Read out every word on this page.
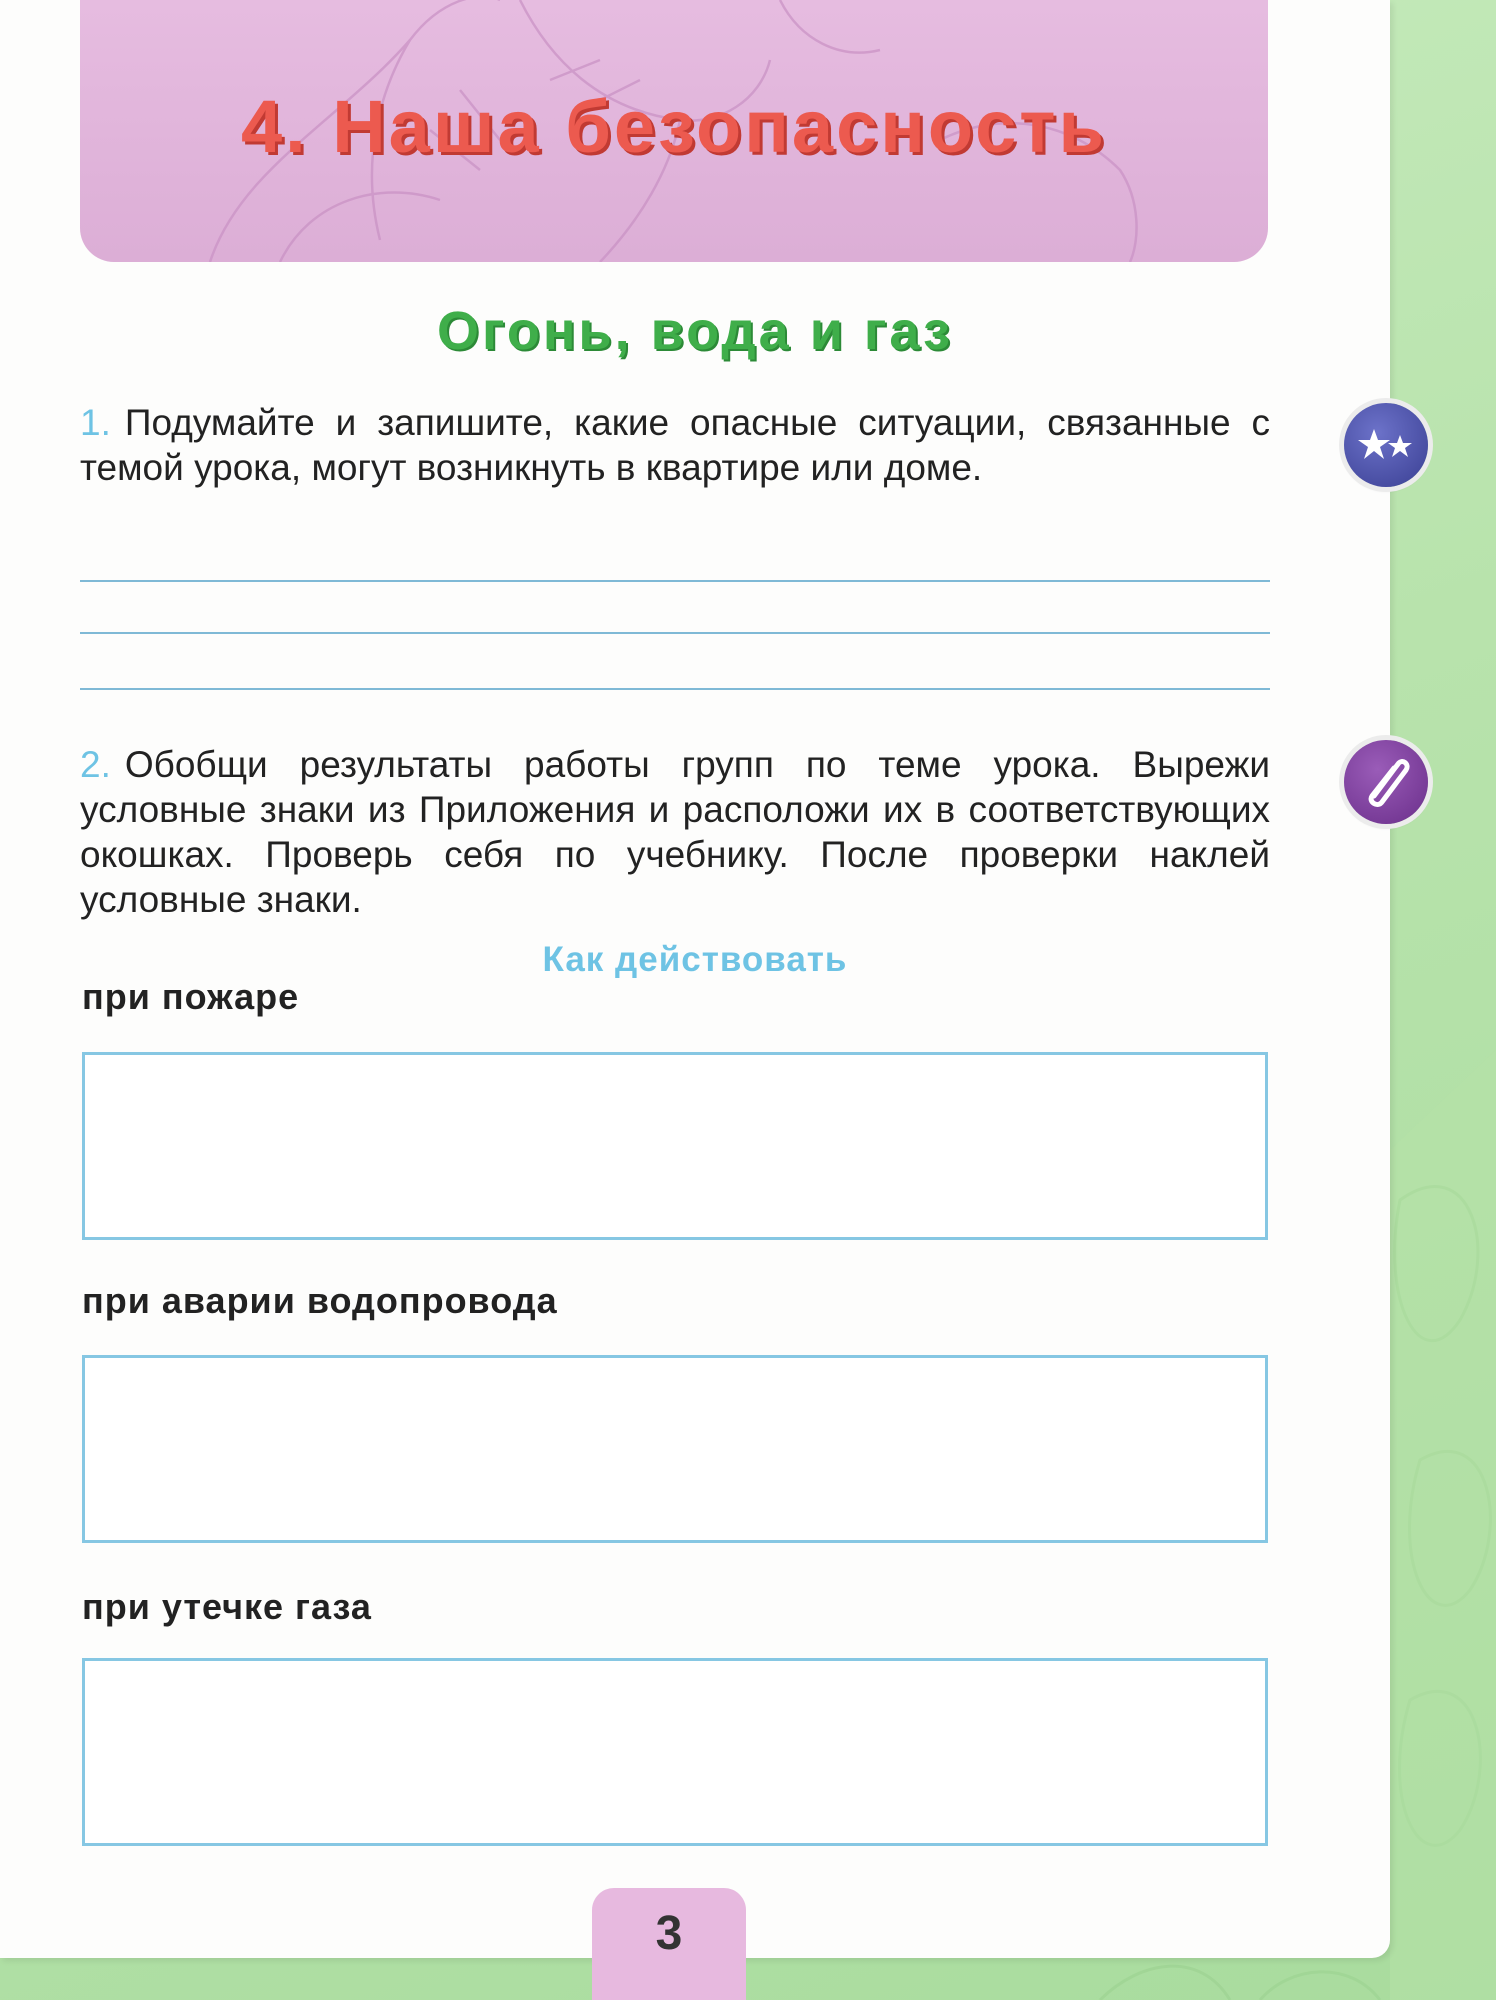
4. Наша безопасность
Огонь, вода и газ
1. Подумайте и запишите, какие опасные ситуации, связанные с темой урока, могут возникнуть в квартире или доме.
2. Обобщи результаты работы групп по теме урока. Вырежи условные знаки из Приложения и расположи их в соответствующих окошках. Проверь себя по учебнику. После проверки наклей условные знаки.
Как действовать
при пожаре
при аварии водопровода
при утечке газа
3
